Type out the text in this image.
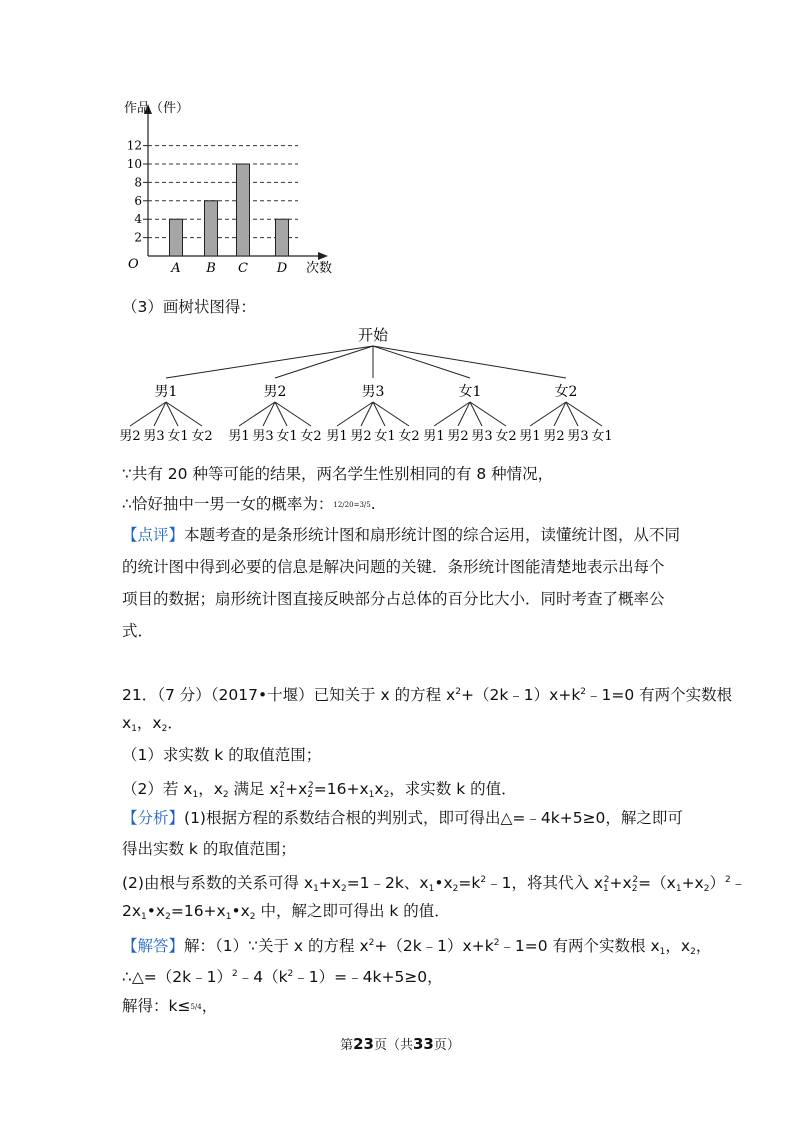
2
4
6
8
10
12
作品（件）
O	次数
A B C D
（3）画树状图得：
开始
男1
男2 男3 女1 女2
男2
男1 男3 女1 女2
男3
男1 男2 女1 女2
女1
男1 男2 男3 女2
女2
男1 男2 男3 女1
∵共有 20 种等可能的结果，两名学生性别相同的有 8 种情况，
∴恰好抽中一男一女的概率为：12/20=3/5.
【点评】本题考查的是条形统计图和扇形统计图的综合运用，读懂统计图，从不同
的统计图中得到必要的信息是解决问题的关键．条形统计图能清楚地表示出每个
项目的数据；扇形统计图直接反映部分占总体的百分比大小．同时考查了概率公
式．
21．（7 分）（2017•十堰）已知关于 x 的方程 $x^2+(2k﹣1)x+k^2﹣1=0$ 有两个实数根
$x_1$，$x_2$．
（1）求实数 k 的取值范围；
（2）若 $x_1$，$x_2$ 满足 $x_1^2+x_2^2=16+x_1x_2$，求实数 k 的值．
【分析】(1)根据方程的系数结合根的判别式，即可得出△=﹣4k+5≥0，解之即可
得出实数 k 的取值范围；
(2)由根与系数的关系可得 $x_1+x_2=1﹣2k$、$x_1•x_2=k^2﹣1$，将其代入 $x_1^2+x_2^2=(x_1+x_2)^2﹣$
$2x_1•x_2=16+x_1•x_2$ 中，解之即可得出 k 的值．
【解答】解：（1）∵关于 x 的方程 $x^2+(2k﹣1)x+k^2﹣1=0$ 有两个实数根 $x_1$，$x_2$，
$\therefore\triangle=(2k﹣1)^2﹣4(k^2﹣1)=﹣4k+5\ge 0$，
解得：k≤5/4，
第23页（共33页）
